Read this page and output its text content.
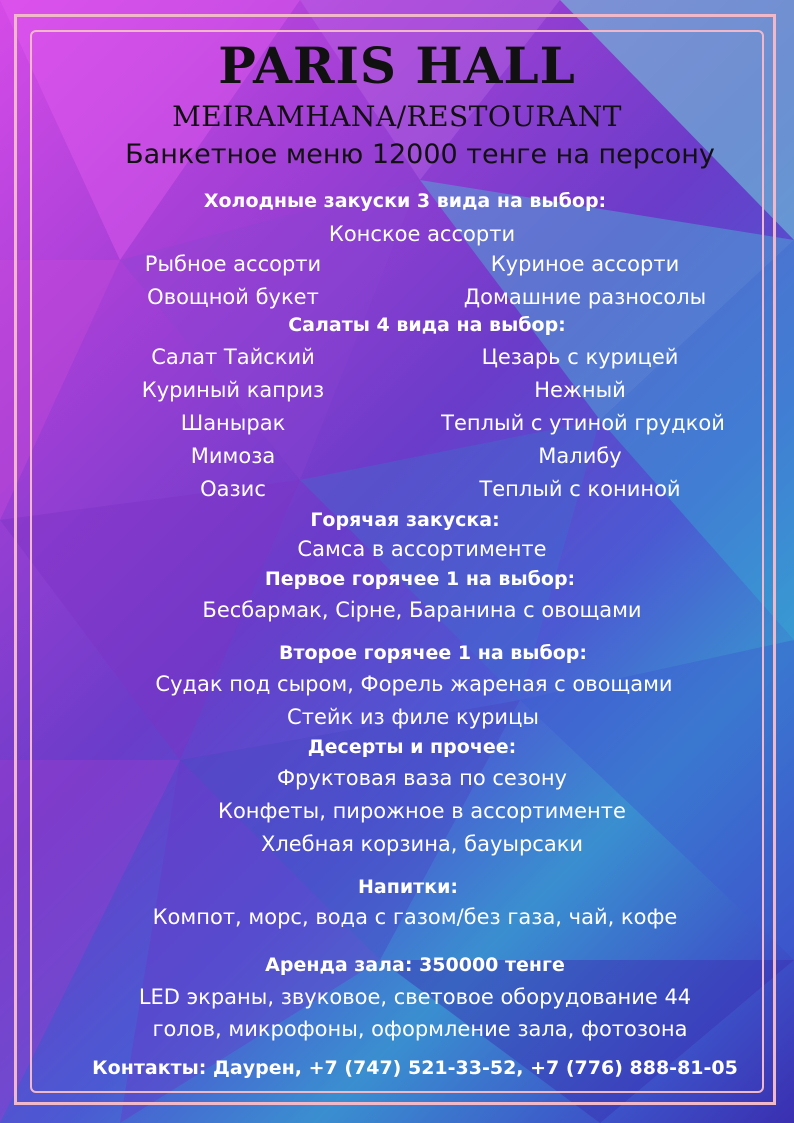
PARIS HALL
MEIRAMHANA/RESTOURANT
Банкетное меню 12000 тенге на персону
Холодные закуски 3 вида на выбор:
Конское ассорти
Рыбное ассорти	Куриное ассорти
Овощной букет	Домашние разносолы
Салаты 4 вида на выбор:
Салат Тайский	Цезарь с курицей
Куриный каприз	Нежный
Шанырак	Теплый с утиной грудкой
Мимоза	Малибу
Оазис	Теплый с кониной
Горячая закуска:
Самса в ассортименте
Первое горячее 1 на выбор:
Бесбармак, Сірне, Баранина с овощами
Второе горячее 1 на выбор:
Судак под сыром, Форель жареная с овощами
Стейк из филе курицы
Десерты и прочее:
Фруктовая ваза по сезону
Конфеты, пирожное в ассортименте
Хлебная корзина, бауырсаки
Напитки:
Компот, морс, вода с газом/без газа, чай, кофе
Аренда зала: 350000 тенге
LED экраны, звуковое, световое оборудование 44
голов, микрофоны, оформление зала, фотозона
Контакты: Даурен, +7 (747) 521-33-52, +7 (776) 888-81-05
